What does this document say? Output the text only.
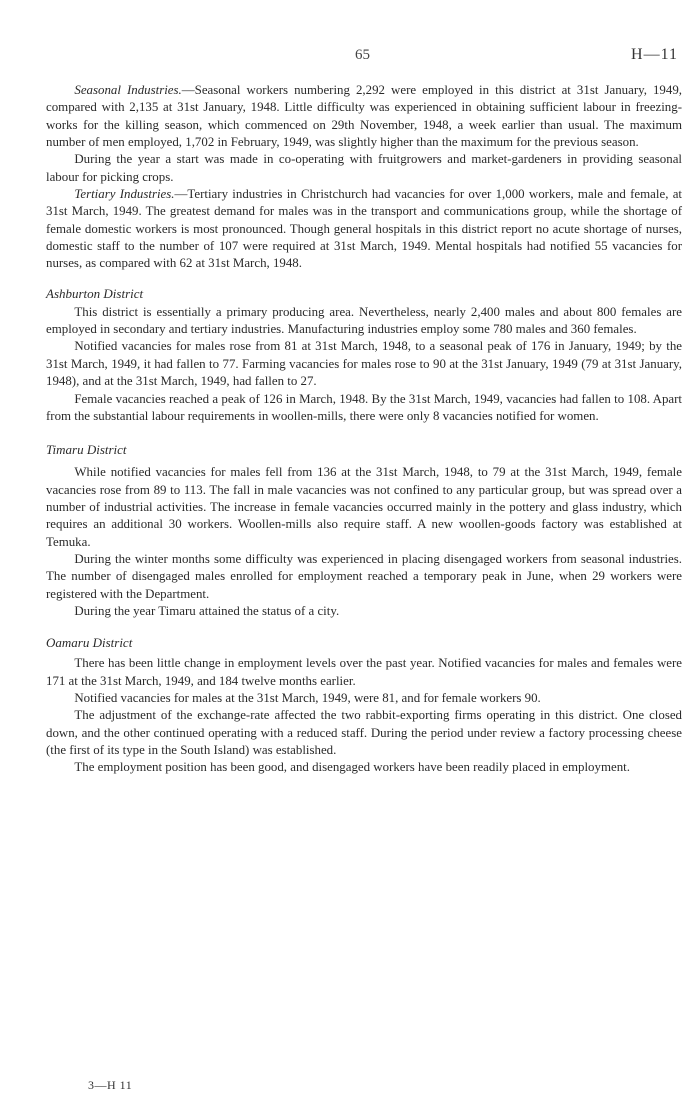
65	H—11

Seasonal Industries.—Seasonal workers numbering 2,292 were employed in this district at 31st January, 1949, compared with 2,135 at 31st January, 1948. Little difficulty was experienced in obtaining sufficient labour in freezing-works for the killing season, which commenced on 29th November, 1948, a week earlier than usual. The maximum number of men employed, 1,702 in February, 1949, was slightly higher than the maximum for the previous season.

During the year a start was made in co-operating with fruitgrowers and market-gardeners in providing seasonal labour for picking crops.

Tertiary Industries.—Tertiary industries in Christchurch had vacancies for over 1,000 workers, male and female, at 31st March, 1949. The greatest demand for males was in the transport and communications group, while the shortage of female domestic workers is most pronounced. Though general hospitals in this district report no acute shortage of nurses, domestic staff to the number of 107 were required at 31st March, 1949. Mental hospitals had notified 55 vacancies for nurses, as compared with 62 at 31st March, 1948.

Ashburton District

This district is essentially a primary producing area. Nevertheless, nearly 2,400 males and about 800 females are employed in secondary and tertiary industries. Manufacturing industries employ some 780 males and 360 females.

Notified vacancies for males rose from 81 at 31st March, 1948, to a seasonal peak of 176 in January, 1949; by the 31st March, 1949, it had fallen to 77. Farming vacancies for males rose to 90 at the 31st January, 1949 (79 at 31st January, 1948), and at the 31st March, 1949, had fallen to 27.

Female vacancies reached a peak of 126 in March, 1948. By the 31st March, 1949, vacancies had fallen to 108. Apart from the substantial labour requirements in woollen-mills, there were only 8 vacancies notified for women.

Timaru District

While notified vacancies for males fell from 136 at the 31st March, 1948, to 79 at the 31st March, 1949, female vacancies rose from 89 to 113. The fall in male vacancies was not confined to any particular group, but was spread over a number of industrial activities. The increase in female vacancies occurred mainly in the pottery and glass industry, which requires an additional 30 workers. Woollen-mills also require staff. A new woollen-goods factory was established at Temuka.

During the winter months some difficulty was experienced in placing disengaged workers from seasonal industries. The number of disengaged males enrolled for employment reached a temporary peak in June, when 29 workers were registered with the Department.

During the year Timaru attained the status of a city.

Oamaru District

There has been little change in employment levels over the past year. Notified vacancies for males and females were 171 at the 31st March, 1949, and 184 twelve months earlier.

Notified vacancies for males at the 31st March, 1949, were 81, and for female workers 90.

The adjustment of the exchange-rate affected the two rabbit-exporting firms operating in this district. One closed down, and the other continued operating with a reduced staff. During the period under review a factory processing cheese (the first of its type in the South Island) was established.

The employment position has been good, and disengaged workers have been readily placed in employment.

3—H 11
